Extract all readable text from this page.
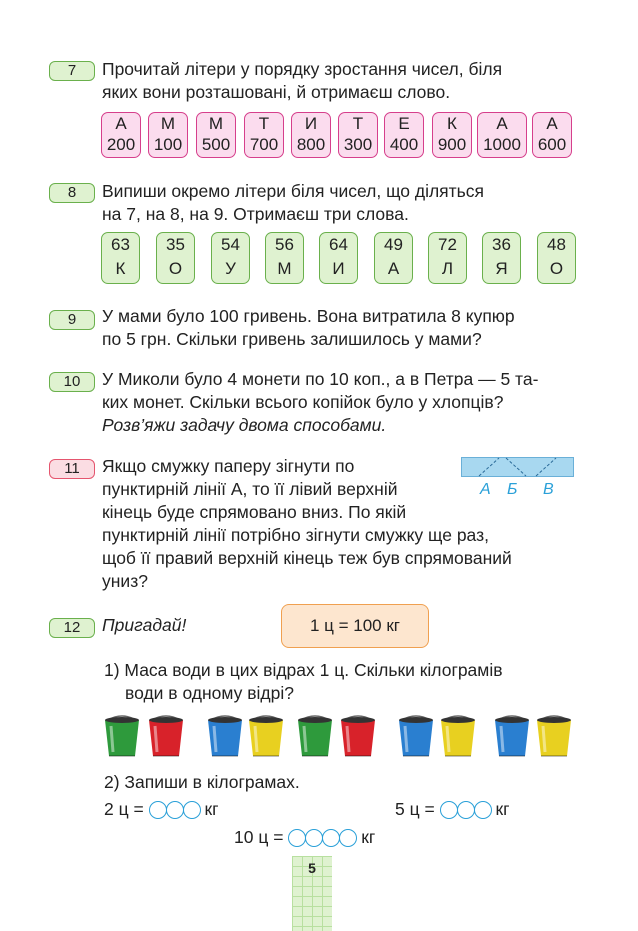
7	Прочитай літери у порядку зростання чисел, біля
яких вони розташовані, й отримаєш слово.
А
200
М
100
М
500
Т
700
И
800
Т
300
Е
400
К
900
А
1000
А
600
8	Випиши окремо літери біля чисел, що діляться
на 7, на 8, на 9. Отримаєш три слова.
63
К
35
О
54
У
56
М
64
И
49
А
72
Л
36
Я
48
О
9	У мами було 100 гривень. Вона витратила 8 купюр
по 5 грн. Скільки гривень залишилось у мами?
10	У Миколи було 4 монети по 10 коп., а в Петра — 5 та-
ких монет. Скільки всього копійок було у хлопців?
Розв’яжи задачу двома способами.
11	Якщо смужку паперу зігнути по
пунктирній лінії А, то її лівий верхній
кінець буде спрямовано вниз. По якій
пунктирній лінії потрібно зігнути смужку ще раз,
щоб її правий верхній кінець теж був спрямований
униз?
А Б В
12	Пригадай!	1 ц = 100 кг
1) Маса води в цих відрах 1 ц. Скільки кілограмів
води в одному відрі?
2) Запиши в кілограмах.
2 ц =	кг	5 ц =	кг
10 ц =	кг
5
